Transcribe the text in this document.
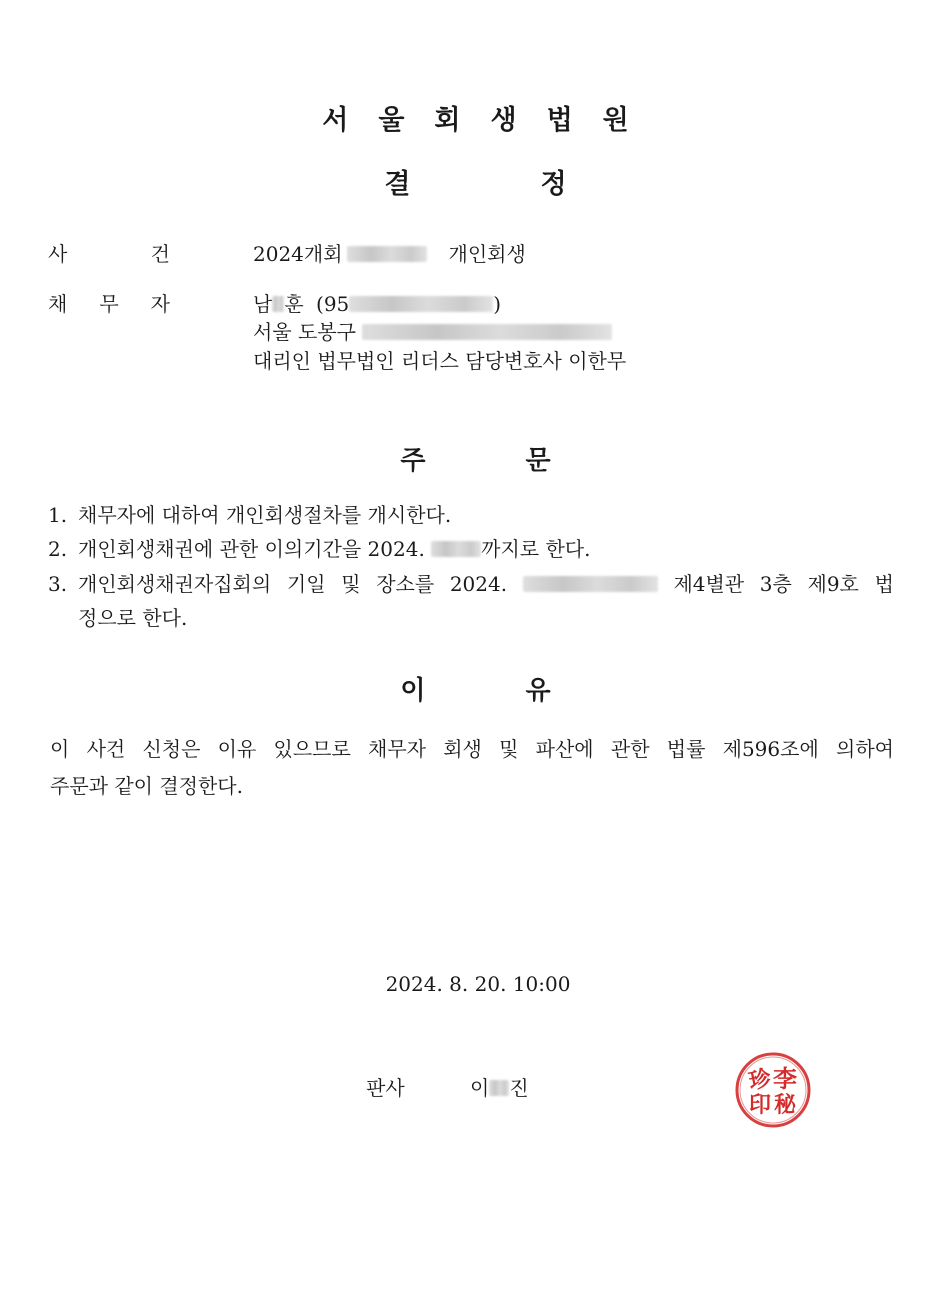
서울회생법원
결정
사	건	2024개회	개인회생
채 무 자	남 훈 (95	)
서울 도봉구
대리인 법무법인 리더스 담당변호사 이한무
주문
1. 채무자에 대하여 개인회생절차를 개시한다.
2. 개인회생채권에 관한 이의기간을 2024.	까지로 한다.
3. 개인회생채권자집회의 기일 및 장소를 2024.	제4별관 3층 제9호 법
정으로 한다.
이유
이 사건 신청은 이유 있으므로 채무자 회생 및 파산에 관한 법률 제596조에 의하여
주문과 같이 결정한다.
2024. 8. 20. 10:00
판사	이 진	李
珍
秘
印
